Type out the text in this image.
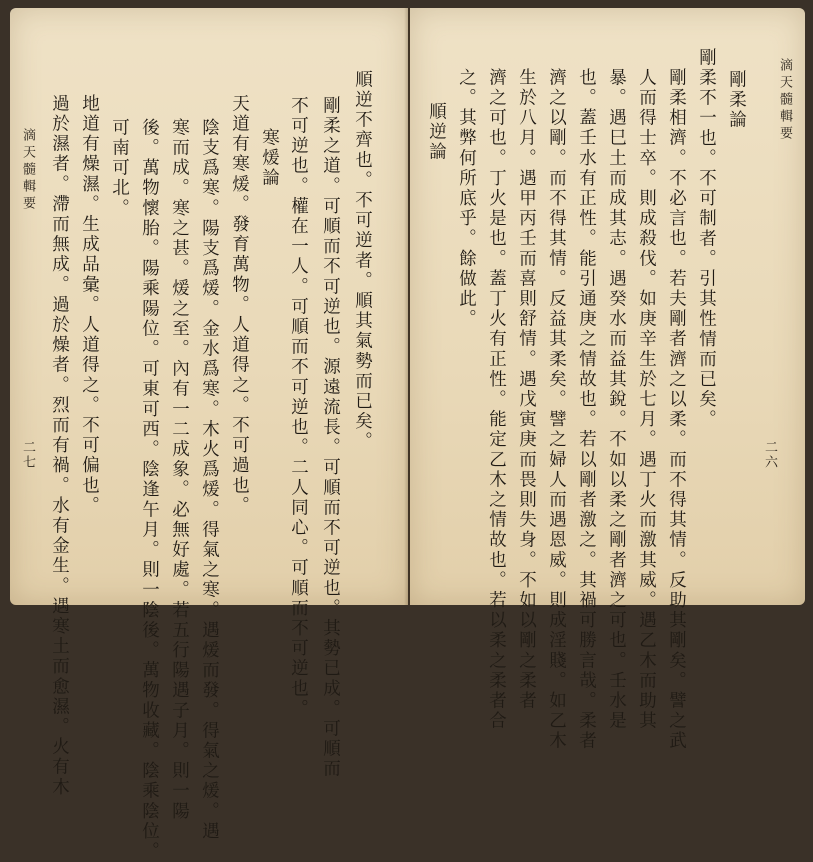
順逆不齊也。不可逆者。順其氣勢而已矣。
剛柔之道。可順而不可逆也。源遠流長。可順而不可逆也。其勢已成。可順而
不可逆也。權在一人。可順而不可逆也。二人同心。可順而不可逆也。
寒煖論
天道有寒煖。發育萬物。人道得之。不可過也。
陰支爲寒。陽支爲煖。金水爲寒。木火爲煖。得氣之寒。遇煖而發。得氣之煖。遇
寒而成。寒之甚。煖之至。內有一二成象。必無好處。若五行陽遇子月。則一陽
後。萬物懷胎。陽乘陽位。可東可西。陰逢午月。則一陰後。萬物收藏。陰乘陰位。
可南可北。
地道有燥濕。生成品彙。人道得之。不可偏也。
過於濕者。滯而無成。過於燥者。烈而有禍。水有金生。遇寒土而愈濕。火有木
滴天髓輯要
二七
滴天髓輯要
剛柔論
剛柔不一也。不可制者。引其性情而已矣。
剛柔相濟。不必言也。若夫剛者濟之以柔。而不得其情。反助其剛矣。譬之武
人而得士卒。則成殺伐。如庚辛生於七月。遇丁火而激其威。遇乙木而助其
暴。遇巳土而成其志。遇癸水而益其銳。不如以柔之剛者濟之可也。壬水是
也。蓋壬水有正性。能引通庚之情故也。若以剛者激之。其禍可勝言哉。柔者
濟之以剛。而不得其情。反益其柔矣。譬之婦人而遇恩威。則成淫賤。如乙木
生於八月。遇甲丙壬而喜則舒情。遇戊寅庚而畏則失身。不如以剛之柔者
濟之可也。丁火是也。蓋丁火有正性。能定乙木之情故也。若以柔之柔者合
之。其弊何所底乎。餘做此。
順逆論
二六
